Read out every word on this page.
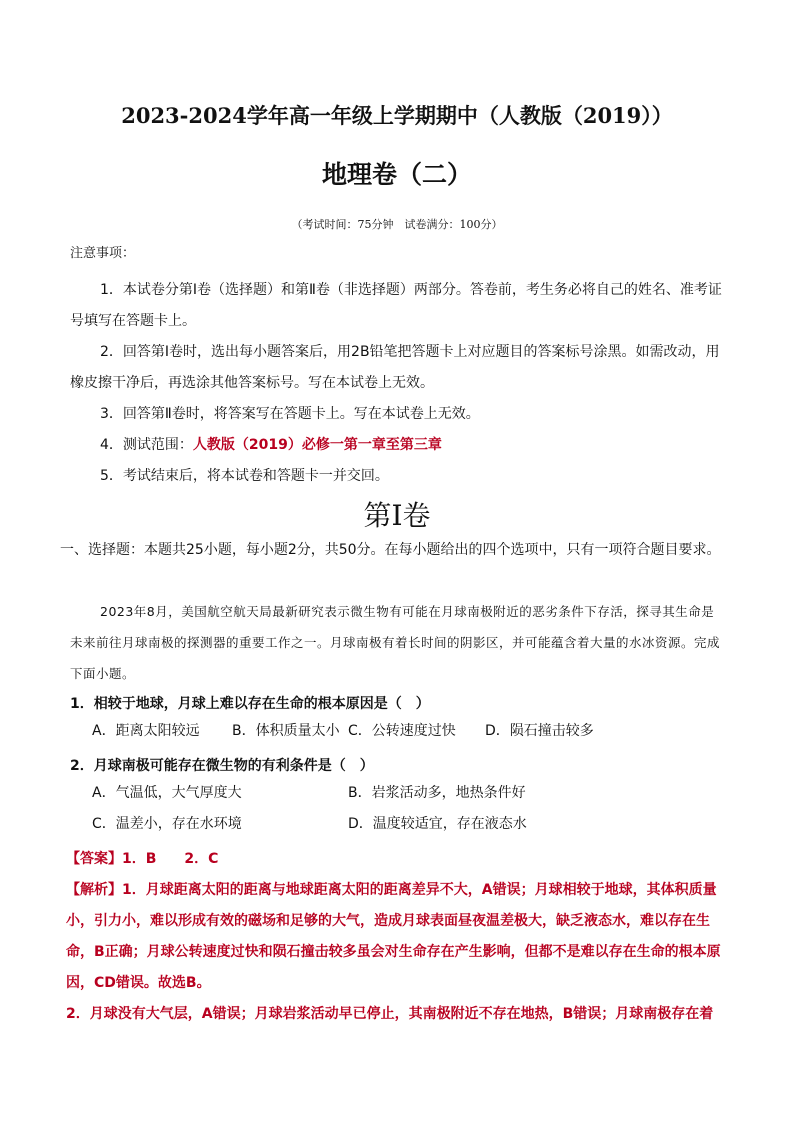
2023-2024学年高一年级上学期期中（人教版（2019））
地理卷（二）
（考试时间：75分钟　试卷满分：100分）
注意事项：
1．本试卷分第Ⅰ卷（选择题）和第Ⅱ卷（非选择题）两部分。答卷前，考生务必将自己的姓名、准考证号填写在答题卡上。
2．回答第Ⅰ卷时，选出每小题答案后，用2B铅笔把答题卡上对应题目的答案标号涂黑。如需改动，用橡皮擦干净后，再选涂其他答案标号。写在本试卷上无效。
3．回答第Ⅱ卷时，将答案写在答题卡上。写在本试卷上无效。
4．测试范围：人教版（2019）必修一第一章至第三章
5．考试结束后，将本试卷和答题卡一并交回。
第Ⅰ卷
一、选择题：本题共25小题，每小题2分，共50分。在每小题给出的四个选项中，只有一项符合题目要求。
2023年8月，美国航空航天局最新研究表示微生物有可能在月球南极附近的恶劣条件下存活，探寻其生命是未来前往月球南极的探测器的重要工作之一。月球南极有着长时间的阴影区，并可能蕴含着大量的水冰资源。完成下面小题。
1．相较于地球，月球上难以存在生命的根本原因是（　）
A．距离太阳较远 B．体积质量太小 C．公转速度过快 D．陨石撞击较多
2．月球南极可能存在微生物的有利条件是（　）
A．气温低，大气厚度大	B．岩浆活动多，地热条件好
C．温差小，存在水环境	D．温度较适宜，存在液态水
【答案】1．B　　2．C
【解析】1．月球距离太阳的距离与地球距离太阳的距离差异不大，A错误；月球相较于地球，其体积质量小，引力小，难以形成有效的磁场和足够的大气，造成月球表面昼夜温差极大，缺乏液态水，难以存在生命，B正确；月球公转速度过快和陨石撞击较多虽会对生命存在产生影响，但都不是难以存在生命的根本原因，CD错误。故选B。
2．月球没有大气层，A错误；月球岩浆活动早已停止，其南极附近不存在地热，B错误；月球南极存在着
